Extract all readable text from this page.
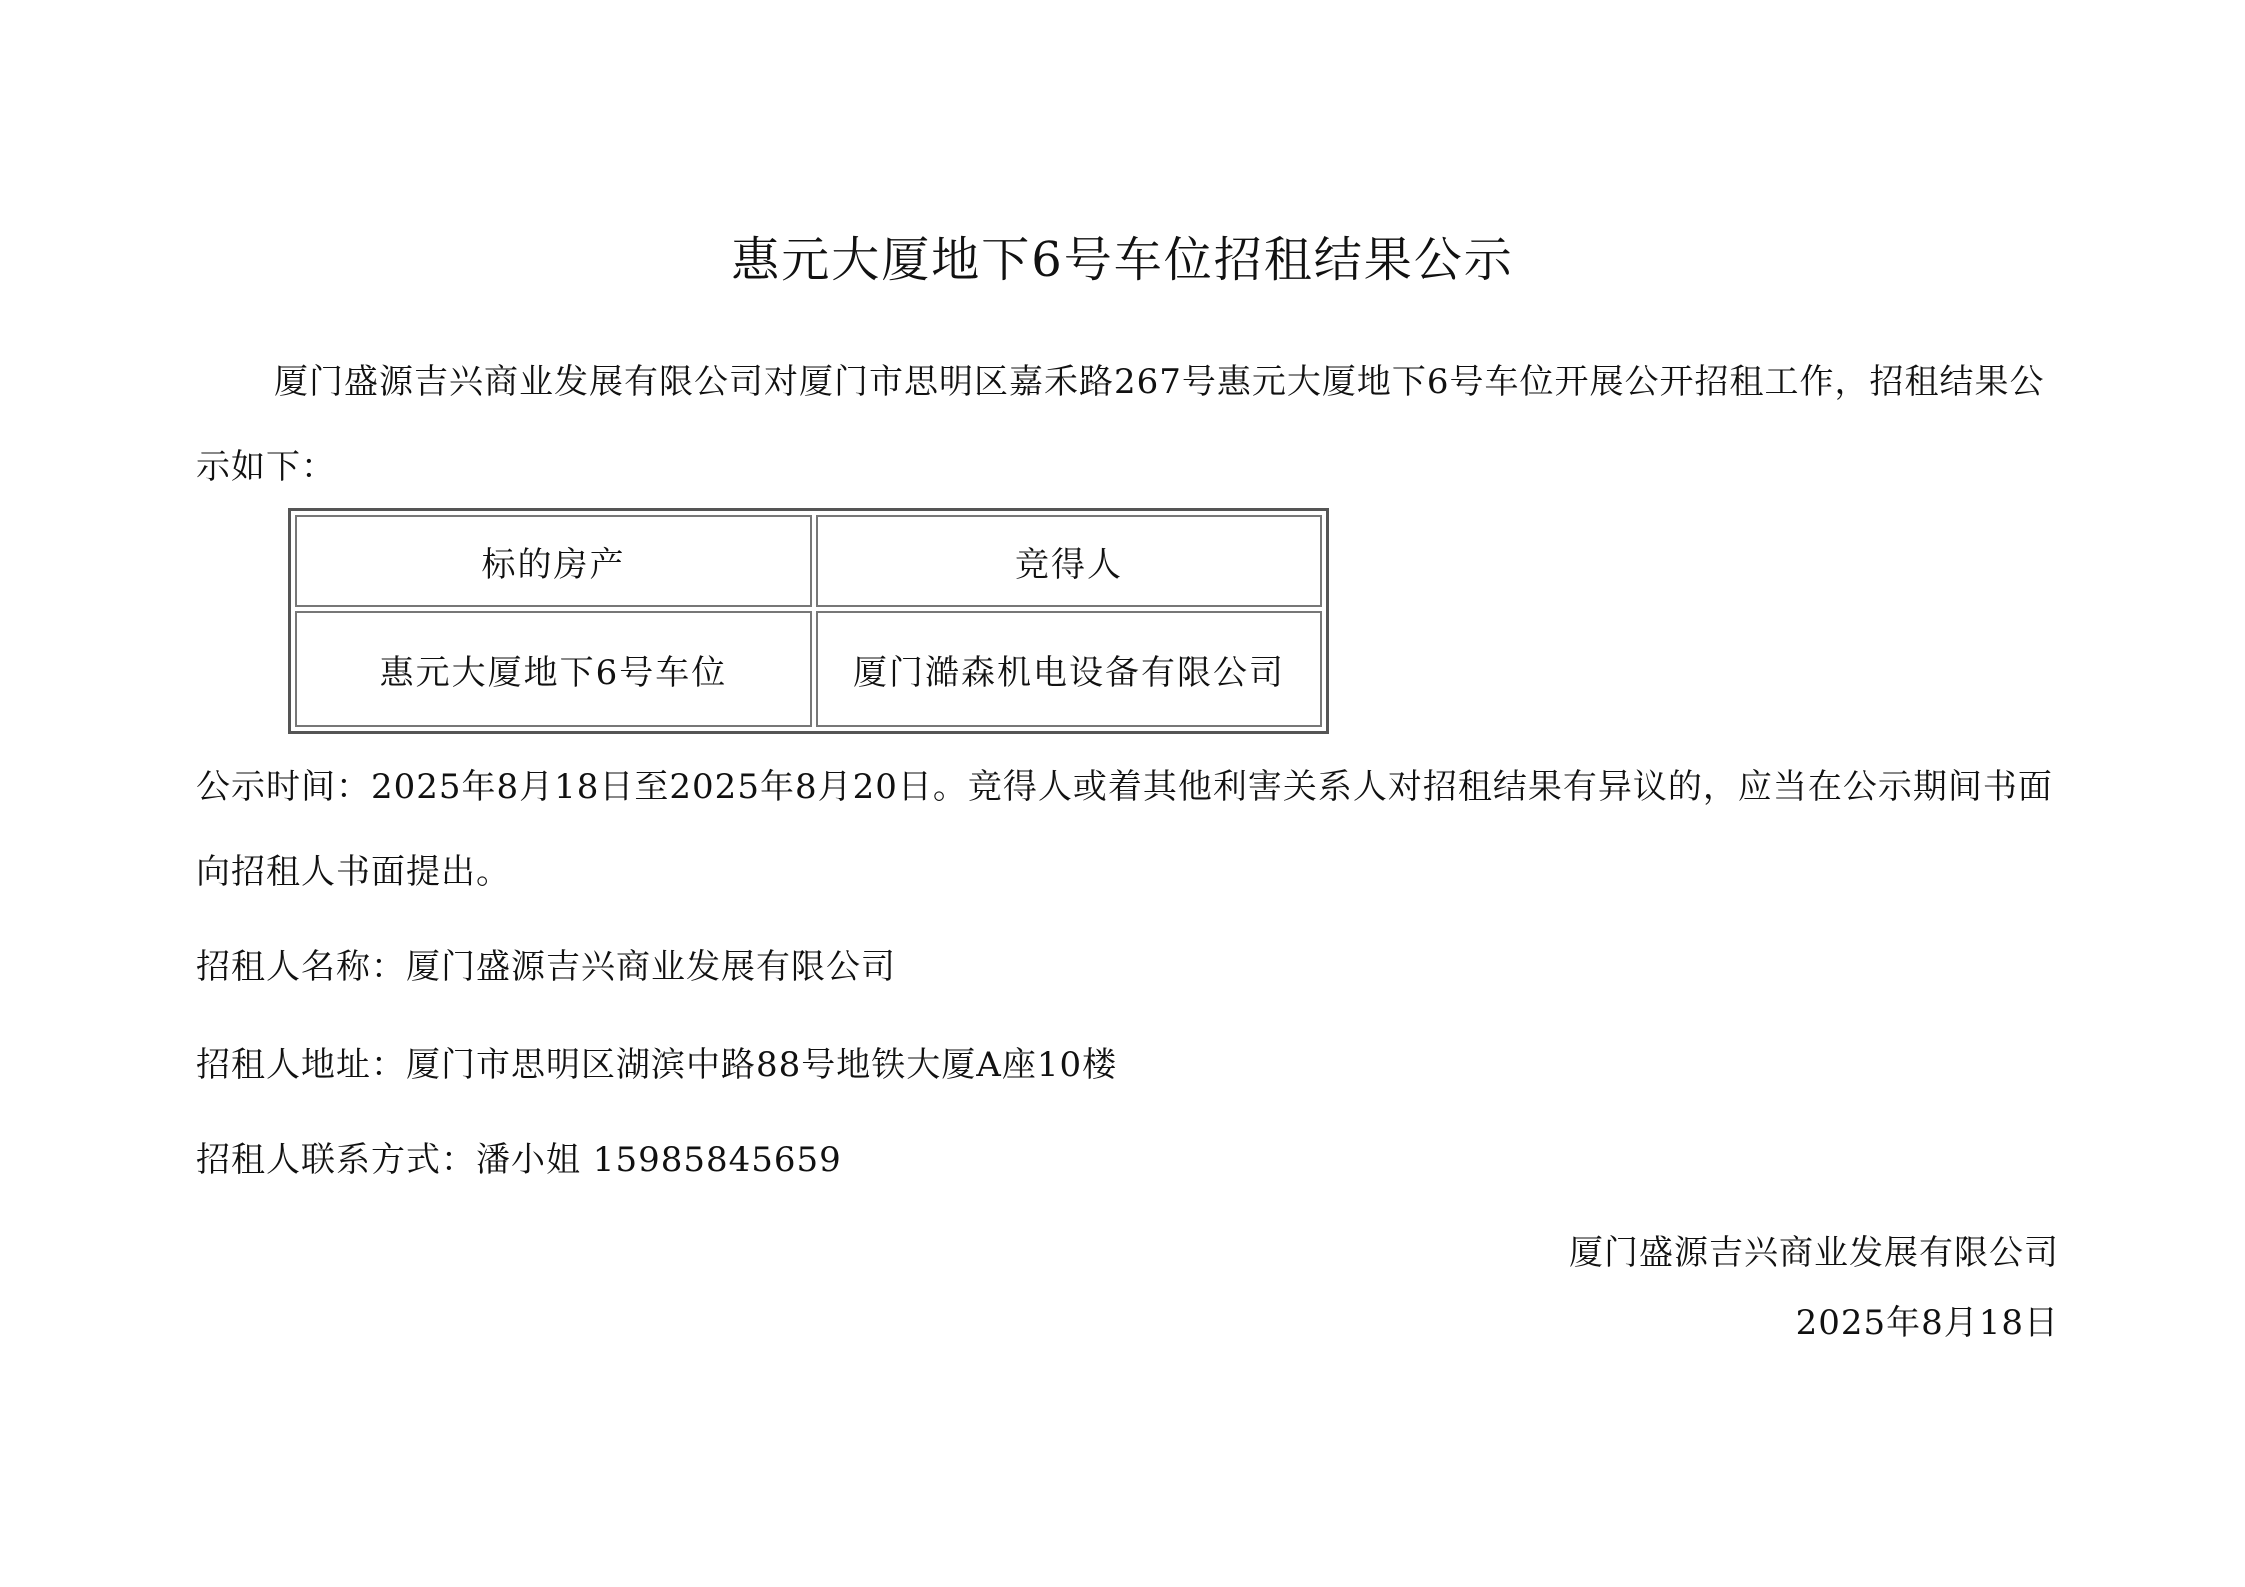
惠元大厦地下6号车位招租结果公示
厦门盛源吉兴商业发展有限公司对厦门市思明区嘉禾路267号惠元大厦地下6号车位开展公开招租工作，招租结果公示如下：
标的房产	竞得人
惠元大厦地下6号车位	厦门澔森机电设备有限公司
公示时间：2025年8月18日至2025年8月20日。竞得人或着其他利害关系人对招租结果有异议的，应当在公示期间书面向招租人书面提出。
招租人名称：厦门盛源吉兴商业发展有限公司
招租人地址：厦门市思明区湖滨中路88号地铁大厦A座10楼
招租人联系方式：潘小姐 15985845659
厦门盛源吉兴商业发展有限公司
2025年8月18日
